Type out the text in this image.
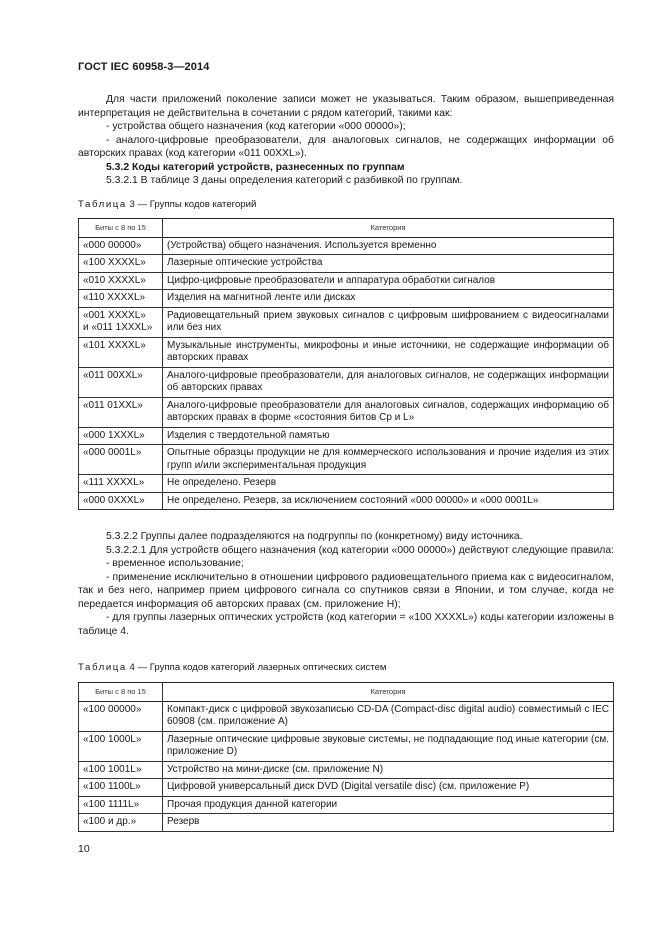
ГОСТ IEC 60958-3—2014

Для части приложений поколение записи может не указываться. Таким образом, вышеприведенная интерпретация не действительна в сочетании с рядом категорий, такими как:

- устройства общего назначения (код категории «000 00000»);

- аналого-цифровые преобразователи, для аналоговых сигналов, не содержащих информации об авторских правах (код категории «011 00XXL»).

5.3.2 Коды категорий устройств, разнесенных по группам

5.3.2.1 В таблице 3 даны определения категорий с разбивкой по группам.

Таблица 3 — Группы кодов категорий
Биты с 8 по 15	Категория
«000 00000»	(Устройства) общего назначения. Используется временно
«100 XXXXL»	Лазерные оптические устройства
«010 XXXXL»	Цифро-цифровые преобразователи и аппаратура обработки сигналов
«110 XXXXL»	Изделия на магнитной ленте или дисках
«001 XXXXL»
и «011 1XXXL»	Радиовещательный прием звуковых сигналов с цифровым шифрованием с видеосигналами или без них
«101 XXXXL»	Музыкальные инструменты, микрофоны и иные источники, не содержащие информации об авторских правах
«011 00XXL»	Аналого-цифровые преобразователи, для аналоговых сигналов, не содержащих информации об авторских правах
«011 01XXL»	Аналого-цифровые преобразователи для аналоговых сигналов, содержащих информацию об авторских правах в форме «состояния битов Ср и L»
«000 1XXXL»	Изделия с твердотельной памятью
«000 0001L»	Опытные образцы продукции не для коммерческого использования и прочие изделия из этих групп и/или экспериментальная продукция
«111 XXXXL»	Не определено. Резерв
«000 0XXXL»	Не определено. Резерв, за исключением состояний «000 00000» и «000 0001L»

5.3.2.2 Группы далее подразделяются на подгруппы по (конкретному) виду источника.

5.3.2.2.1 Для устройств общего назначения (код категории «000 00000») действуют следующие правила:

- временное использование;

- применение исключительно в отношении цифрового радиовещательного приема как с видеосигналом, так и без него, например прием цифрового сигнала со спутников связи в Японии, и том случае, когда не передается информация об авторских правах (см. приложение Н);

- для группы лазерных оптических устройств (код категории = «100 XXXXL») коды категории изложены в таблице 4.

Таблица 4 — Группа кодов категорий лазерных оптических систем
Биты с 8 по 15	Категория
«100 00000»	Компакт-диск с цифровой звукозаписью CD-DA (Compact-disc digital audio) совместимый с IEC 60908 (см. приложение А)
«100 1000L»	Лазерные оптические цифровые звуковые системы, не подпадающие под иные категории (см. приложение D)
«100 1001L»	Устройство на мини-диске (см. приложение N)
«100 1100L»	Цифровой универсальный диск DVD (Digital versatile disc) (см. приложение Р)
«100 1111L»	Прочая продукция данной категории
«100 и др.»	Резерв
10
